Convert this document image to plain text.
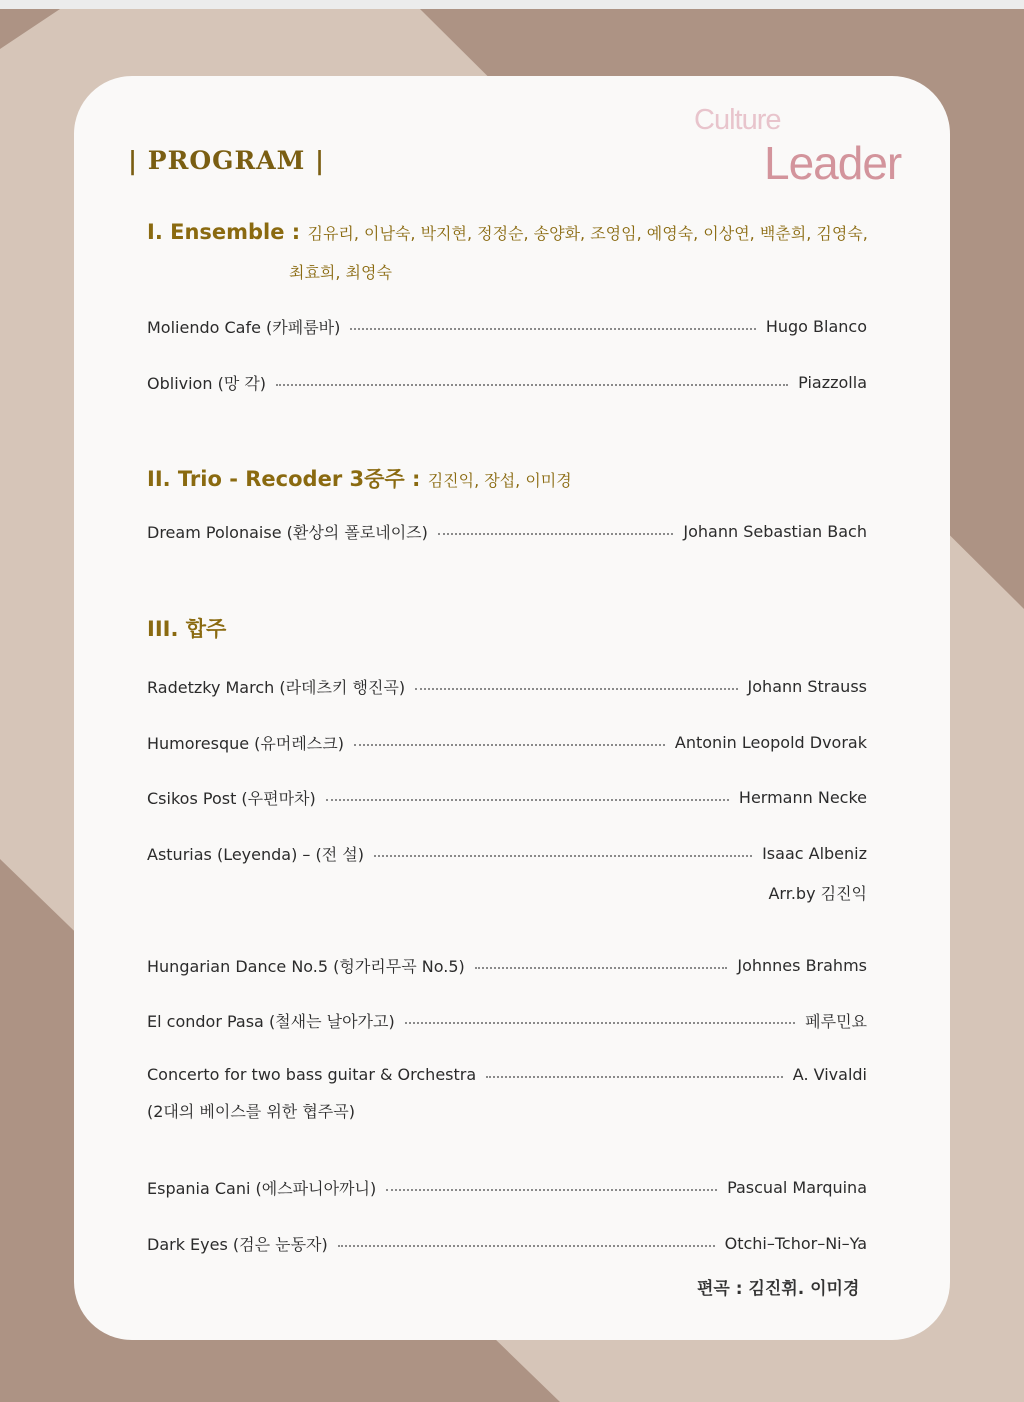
| PROGRAM |
Culture
Leader
I. Ensemble : 김유리, 이남숙, 박지현, 정정순, 송양화, 조영임, 예영숙, 이상연, 백춘희, 김영숙,
최효희, 최영숙
Moliendo Cafe (카페룸바)	Hugo Blanco
Oblivion (망 각)	Piazzolla
II. Trio - Recoder 3중주 : 김진익, 장섭, 이미경
Dream Polonaise (환상의 폴로네이즈)	Johann Sebastian Bach
III. 합주
Radetzky March (라데츠키 행진곡)	Johann Strauss
Humoresque (유머레스크)	Antonin Leopold Dvorak
Csikos Post (우편마차)	Hermann Necke
Asturias (Leyenda) – (전 설)	Isaac Albeniz
Arr.by 김진익
Hungarian Dance No.5 (헝가리무곡 No.5)	Johnnes Brahms
El condor Pasa (철새는 날아가고)	페루민요
Concerto for two bass guitar & Orchestra	A. Vivaldi
(2대의 베이스를 위한 협주곡)
Espania Cani (에스파니아까니)	Pascual Marquina
Dark Eyes (검은 눈동자)	Otchi–Tchor–Ni–Ya
편곡 : 김진휘. 이미경
